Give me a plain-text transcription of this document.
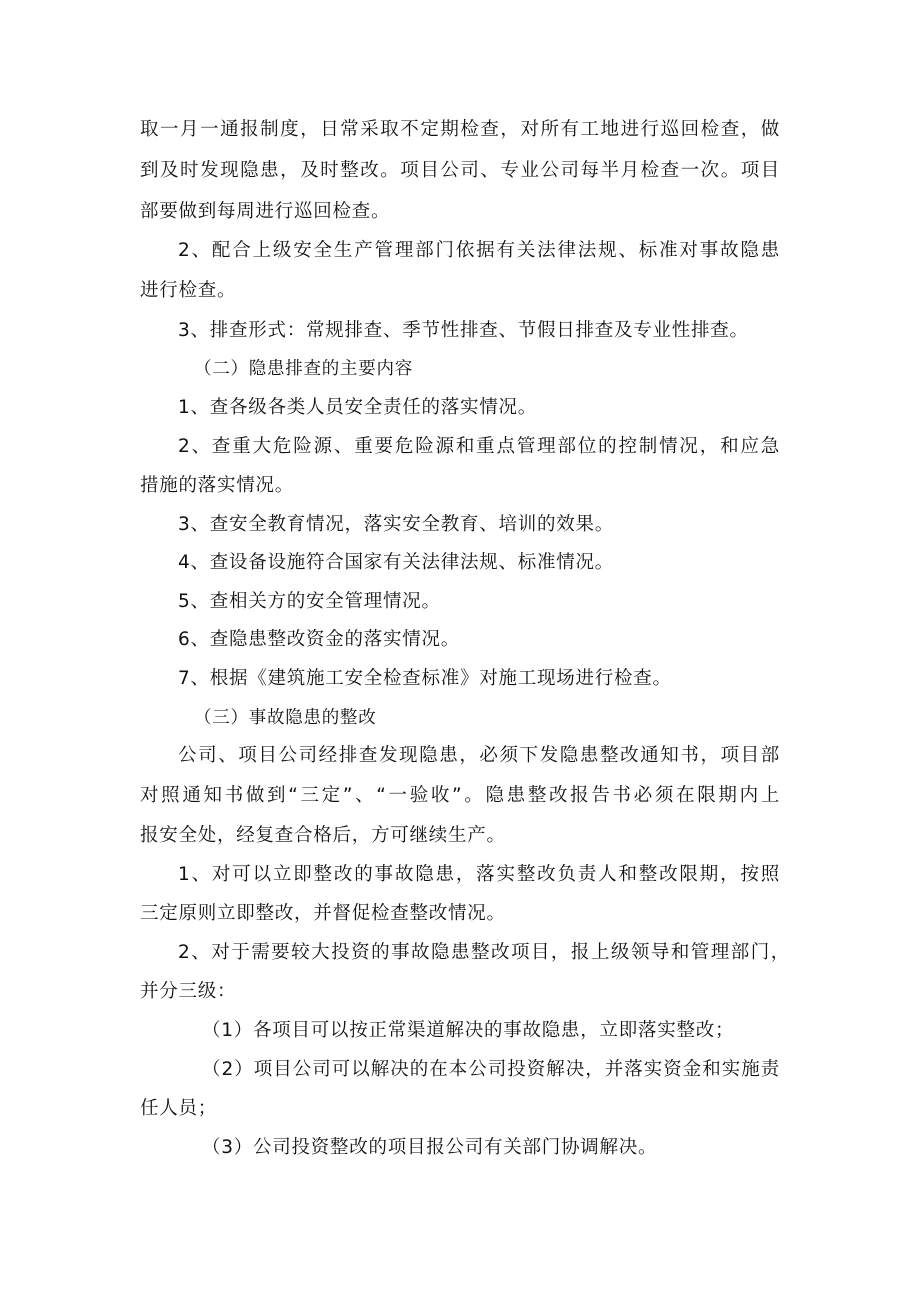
取一月一通报制度，日常采取不定期检查，对所有工地进行巡回检查，做
到及时发现隐患，及时整改。项目公司、专业公司每半月检查一次。项目
部要做到每周进行巡回检查。
2、配合上级安全生产管理部门依据有关法律法规、标准对事故隐患
进行检查。
3、排查形式：常规排查、季节性排查、节假日排查及专业性排查。
（二）隐患排查的主要内容
1、查各级各类人员安全责任的落实情况。
2、查重大危险源、重要危险源和重点管理部位的控制情况，和应急
措施的落实情况。
3、查安全教育情况，落实安全教育、培训的效果。
4、查设备设施符合国家有关法律法规、标准情况。
5、查相关方的安全管理情况。
6、查隐患整改资金的落实情况。
7、根据《建筑施工安全检查标准》对施工现场进行检查。
（三）事故隐患的整改
公司、项目公司经排查发现隐患，必须下发隐患整改通知书，项目部
对照通知书做到“三定”、“一验收”。隐患整改报告书必须在限期内上
报安全处，经复查合格后，方可继续生产。
1、对可以立即整改的事故隐患，落实整改负责人和整改限期，按照
三定原则立即整改，并督促检查整改情况。
2、对于需要较大投资的事故隐患整改项目，报上级领导和管理部门，
并分三级：
（1）各项目可以按正常渠道解决的事故隐患，立即落实整改；
（2）项目公司可以解决的在本公司投资解决，并落实资金和实施责
任人员；
（3）公司投资整改的项目报公司有关部门协调解决。
